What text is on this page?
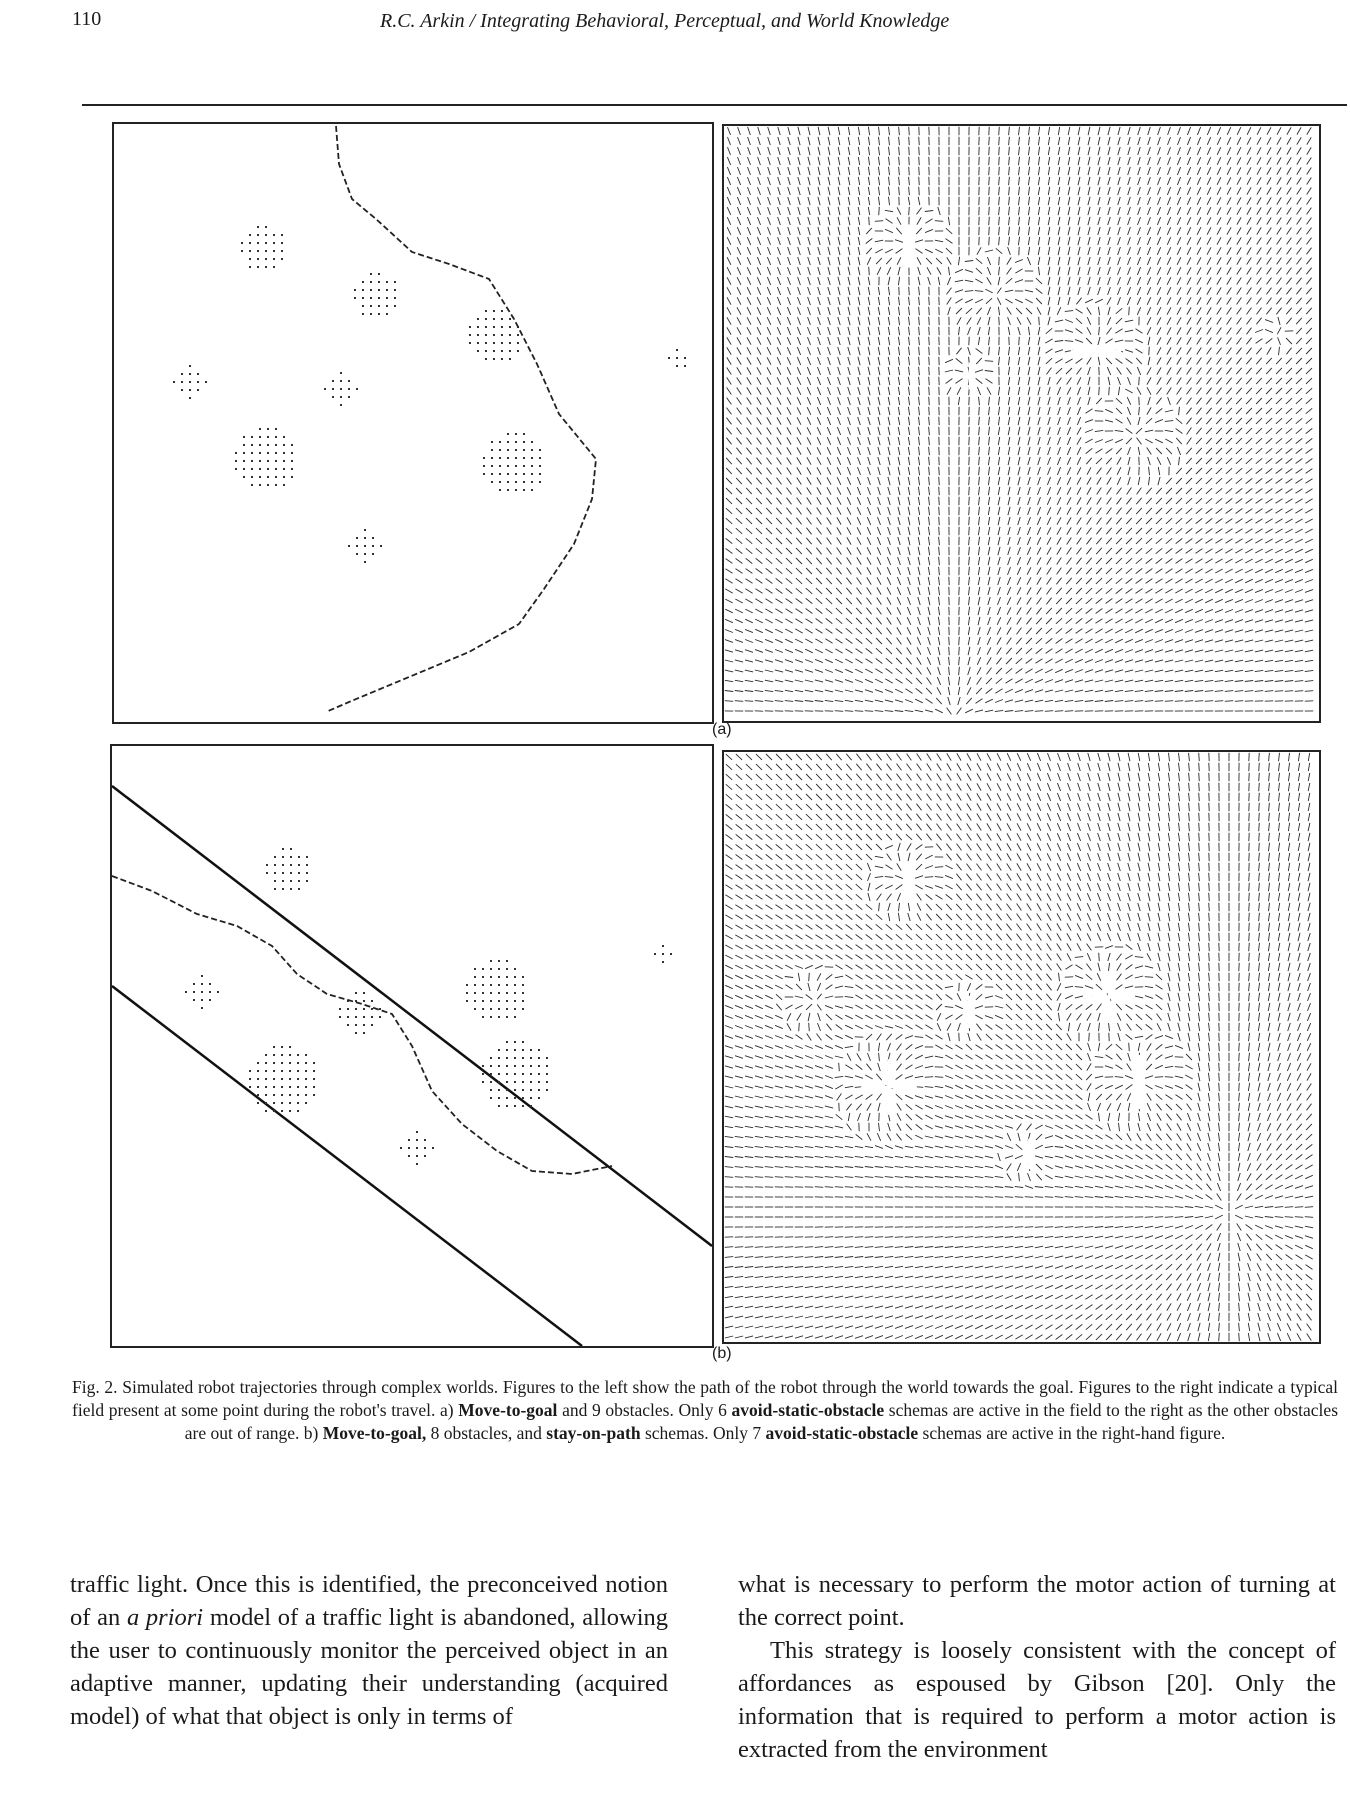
110	R.C. Arkin / Integrating Behavioral, Perceptual, and World Knowledge
(a)
(b)
Fig. 2. Simulated robot trajectories through complex worlds. Figures to the left show the path of the robot through the world towards the goal. Figures to the right indicate a typical field present at some point during the robot's travel. a) Move-to-goal and 9 obstacles. Only 6 avoid-static-obstacle schemas are active in the field to the right as the other obstacles are out of range. b) Move-to-goal, 8 obstacles, and stay-on-path schemas. Only 7 avoid-static-obstacle schemas are active in the right-hand figure.

traffic light. Once this is identified, the preconceived notion of an a priori model of a traffic light is abandoned, allowing the user to continuously monitor the perceived object in an adaptive manner, updating their understanding (acquired model) of what that object is only in terms of

what is necessary to perform the motor action of turning at the correct point.

This strategy is loosely consistent with the concept of affordances as espoused by Gibson [20]. Only the information that is required to perform a motor action is extracted from the environment
